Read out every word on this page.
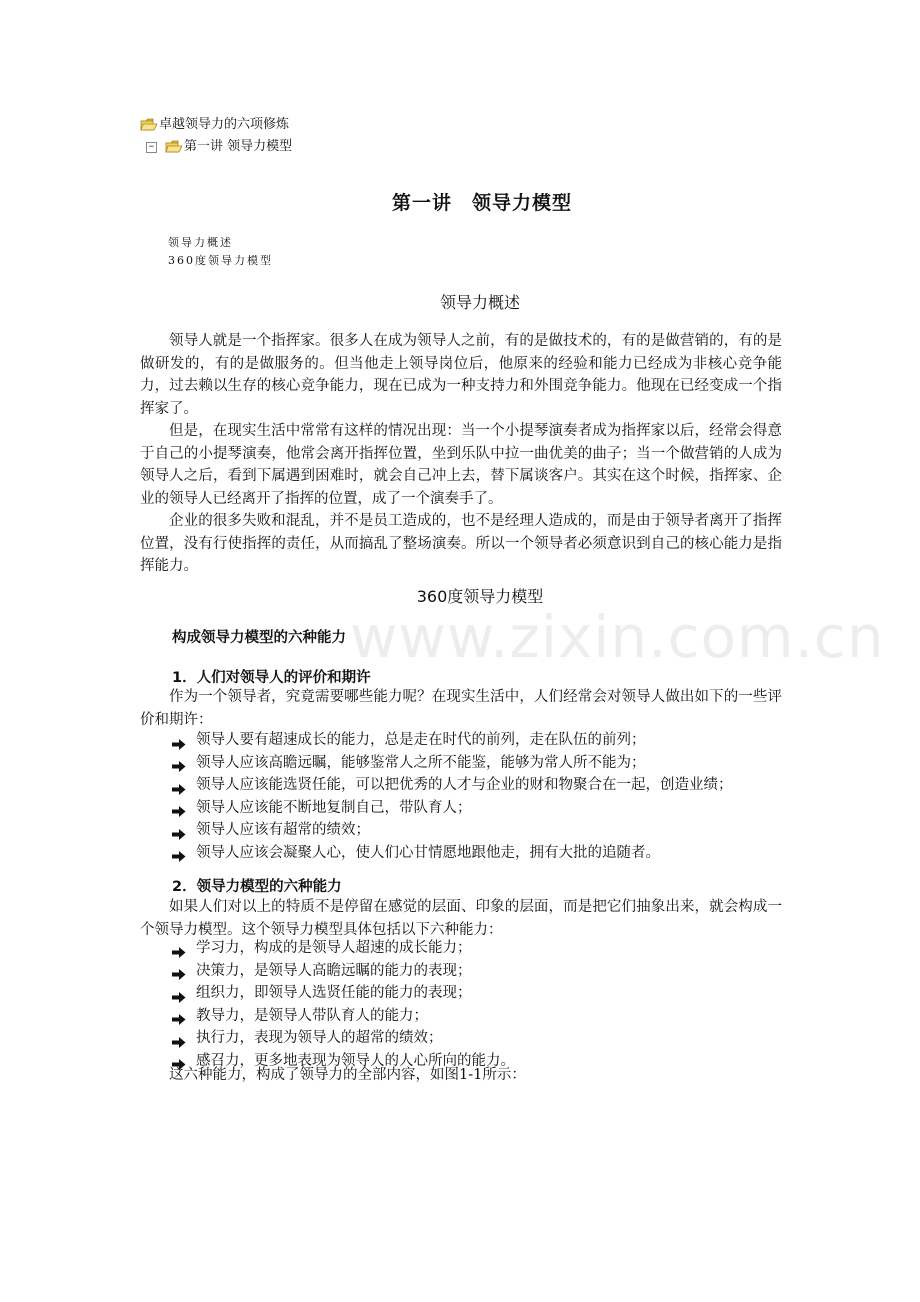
卓越领导力的六项修炼
− 第一讲 领导力模型
第一讲　领导力模型
领导力概述
360度领导力模型
领导力概述

领导人就是一个指挥家。很多人在成为领导人之前，有的是做技术的，有的是做营销的，有的是做研发的，有的是做服务的。但当他走上领导岗位后，他原来的经验和能力已经成为非核心竞争能力，过去赖以生存的核心竞争能力，现在已成为一种支持力和外围竞争能力。他现在已经变成一个指挥家了。

但是，在现实生活中常常有这样的情况出现：当一个小提琴演奏者成为指挥家以后，经常会得意于自己的小提琴演奏，他常会离开指挥位置，坐到乐队中拉一曲优美的曲子；当一个做营销的人成为领导人之后，看到下属遇到困难时，就会自己冲上去，替下属谈客户。其实在这个时候，指挥家、企业的领导人已经离开了指挥的位置，成了一个演奏手了。

企业的很多失败和混乱，并不是员工造成的，也不是经理人造成的，而是由于领导者离开了指挥位置，没有行使指挥的责任，从而搞乱了整场演奏。所以一个领导者必须意识到自己的核心能力是指挥能力。

360度领导力模型
www.zixin.com.cn
构成领导力模型的六种能力
1．人们对领导人的评价和期许

作为一个领导者，究竟需要哪些能力呢？在现实生活中，人们经常会对领导人做出如下的一些评价和期许：

领导人要有超速成长的能力，总是走在时代的前列，走在队伍的前列；
领导人应该高瞻远瞩，能够鉴常人之所不能鉴，能够为常人所不能为；
领导人应该能选贤任能，可以把优秀的人才与企业的财和物聚合在一起，创造业绩；
领导人应该能不断地复制自己，带队育人；
领导人应该有超常的绩效；
领导人应该会凝聚人心，使人们心甘情愿地跟他走，拥有大批的追随者。
2．领导力模型的六种能力

如果人们对以上的特质不是停留在感觉的层面、印象的层面，而是把它们抽象出来，就会构成一个领导力模型。这个领导力模型具体包括以下六种能力：

学习力，构成的是领导人超速的成长能力；
决策力，是领导人高瞻远瞩的能力的表现；
组织力，即领导人选贤任能的能力的表现；
教导力，是领导人带队育人的能力；
执行力，表现为领导人的超常的绩效；
感召力，更多地表现为领导人的人心所向的能力。

这六种能力，构成了领导力的全部内容，如图1-1所示：
